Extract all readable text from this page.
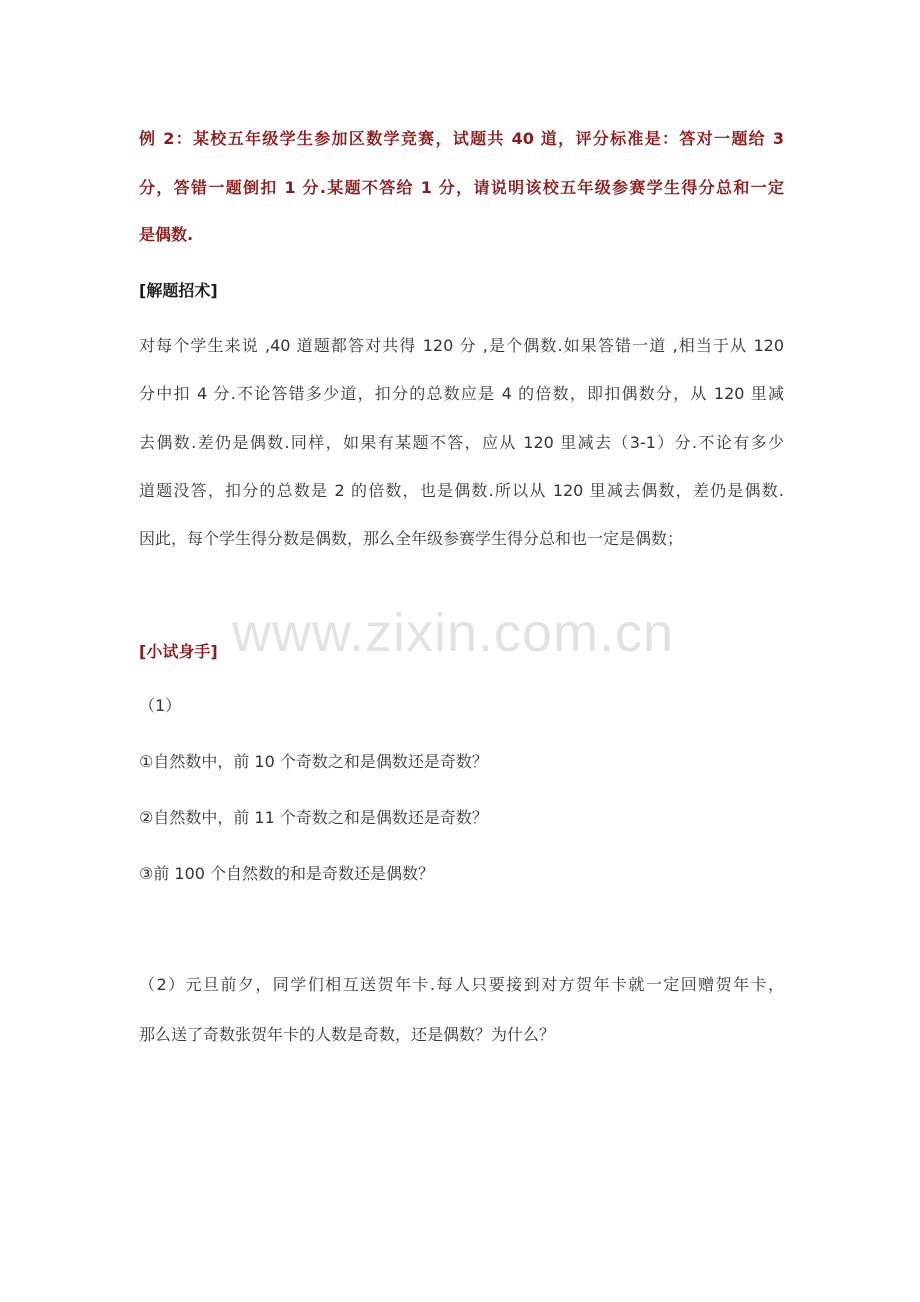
例 2：某校五年级学生参加区数学竞赛，试题共 40 道，评分标准是：答对一题给 3
分，答错一题倒扣 1 分.某题不答给 1 分，请说明该校五年级参赛学生得分总和一定
是偶数.
[解题招术]
对每个学生来说 ,40 道题都答对共得 120 分 ,是个偶数.如果答错一道 ,相当于从 120
分中扣 4 分.不论答错多少道，扣分的总数应是 4 的倍数，即扣偶数分，从 120 里减
去偶数.差仍是偶数.同样，如果有某题不答，应从 120 里减去（3-1）分.不论有多少
道题没答，扣分的总数是 2 的倍数，也是偶数.所以从 120 里减去偶数，差仍是偶数.
因此，每个学生得分数是偶数，那么全年级参赛学生得分总和也一定是偶数；
www.zixin.com.cn
[小试身手]
（1）
①自然数中，前 10 个奇数之和是偶数还是奇数？
②自然数中，前 11 个奇数之和是偶数还是奇数？
③前 100 个自然数的和是奇数还是偶数？
（2）元旦前夕，同学们相互送贺年卡.每人只要接到对方贺年卡就一定回赠贺年卡，
那么送了奇数张贺年卡的人数是奇数，还是偶数？为什么？
